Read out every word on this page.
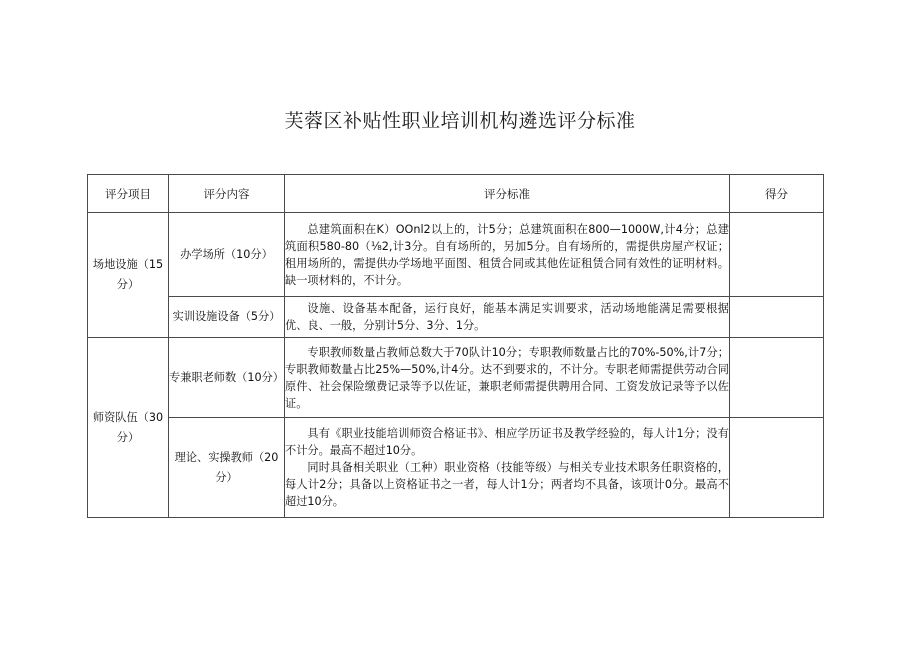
芙蓉区补贴性职业培训机构遴选评分标准
评分项目	评分内容	评分标准	得分
场地设施（15分）	办学场所（10分）	总建筑面积在K）OOnl2以上的，计5分；总建筑面积在800—1000W,计4分；总建筑面积580-80（⅛2,计3分。自有场所的，另加5分。自有场所的，需提供房屋产权证；租用场所的，需提供办学场地平面图、租赁合同或其他佐证租赁合同有效性的证明材料。缺一项材料的，不计分。	

	实训设施设备（5分）	设施、设备基本配备，运行良好，能基本满足实训要求，活动场地能满足需要根据优、良、一般，分别计5分、3分、1分。	

师资队伍（30分）	专兼职老师数（10分）	专职教师数量占教师总数大于70队计10分；专职教师数量占比的70%-50%,计7分；专职教师数量占比25%—50%,计4分。达不到要求的，不计分。专职老师需提供劳动合同原件、社会保险缴费记录等予以佐证，兼职老师需提供聘用合同、工资发放记录等予以佐证。	

	理论、实操教师（20分）	具有《职业技能培训师资合格证书》、相应学历证书及教学经验的，每人计1分；没有不计分。最高不超过10分。

同时具备相关职业（工种）职业资格（技能等级）与相关专业技术职务任职资格的，每人计2分；具备以上资格证书之一者，每人计1分；两者均不具备，该项计0分。最高不超过10分。	
